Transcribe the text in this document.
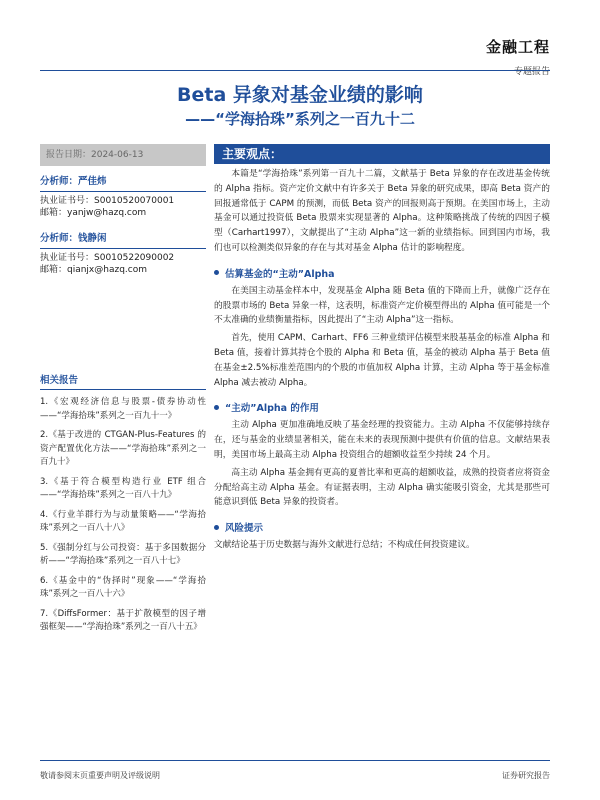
金融工程
专题报告
Beta 异象对基金业绩的影响
——“学海拾珠”系列之一百九十二
报告日期：2024-06-13
分析师：严佳炜
执业证书号：S0010520070001
邮箱：yanjw@hazq.com
分析师：钱静闲
执业证书号：S0010522090002
邮箱：qianjx@hazq.com
相关报告
1.《宏观经济信息与股票-债券协动性——“学海拾珠”系列之一百九十一》
2.《基于改进的 CTGAN-Plus-Features 的资产配置优化方法——“学海拾珠”系列之一百九十》
3.《基于符合模型构造行业 ETF 组合——“学海拾珠”系列之一百八十九》
4.《行业羊群行为与动量策略——“学海拾珠”系列之一百八十八》
5.《强制分红与公司投资：基于多国数据分析——“学海拾珠”系列之一百八十七》
6.《基金中的“伪择时”现象——“学海拾珠”系列之一百八十六》
7.《DiffsFormer：基于扩散模型的因子增强框架——“学海拾珠”系列之一百八十五》
主要观点：

本篇是“学海拾珠”系列第一百九十二篇，文献基于 Beta 异象的存在改进基金传统的 Alpha 指标。资产定价文献中有许多关于 Beta 异象的研究成果，即高 Beta 资产的回报通常低于 CAPM 的预测，而低 Beta 资产的回报则高于预期。在美国市场上，主动基金可以通过投资低 Beta 股票来实现显著的 Alpha。这种策略挑战了传统的四因子模型（Carhart1997），文献提出了“主动 Alpha”这一新的业绩指标。回到国内市场，我们也可以检测类似异象的存在与其对基金 Alpha 估计的影响程度。

估算基金的“主动”Alpha

在美国主动基金样本中，发现基金 Alpha 随 Beta 值的下降而上升，就像广泛存在的股票市场的 Beta 异象一样，这表明，标准资产定价模型得出的 Alpha 值可能是一个不太准确的业绩衡量指标，因此提出了“主动 Alpha”这一指标。

首先，使用 CAPM、Carhart、FF6 三种业绩评估模型来股基基金的标准 Alpha 和 Beta 值，接着计算其持仓个股的 Alpha 和 Beta 值，基金的被动 Alpha 基于 Beta 值在基金±2.5%标准差范围内的个股的市值加权 Alpha 计算，主动 Alpha 等于基金标准 Alpha 减去被动 Alpha。

“主动”Alpha 的作用

主动 Alpha 更加准确地反映了基金经理的投资能力。主动 Alpha 不仅能够持续存在，还与基金的业绩显著相关，能在未来的表现预测中提供有价值的信息。文献结果表明，美国市场上最高主动 Alpha 投资组合的超额收益至少持续 24 个月。

高主动 Alpha 基金拥有更高的夏普比率和更高的超额收益，成熟的投资者应将资金分配给高主动 Alpha 基金。有证据表明，主动 Alpha 确实能吸引资金，尤其是那些可能意识到低 Beta 异象的投资者。

风险提示

文献结论基于历史数据与海外文献进行总结；不构成任何投资建议。

敬请参阅末页重要声明及评级说明	证券研究报告
